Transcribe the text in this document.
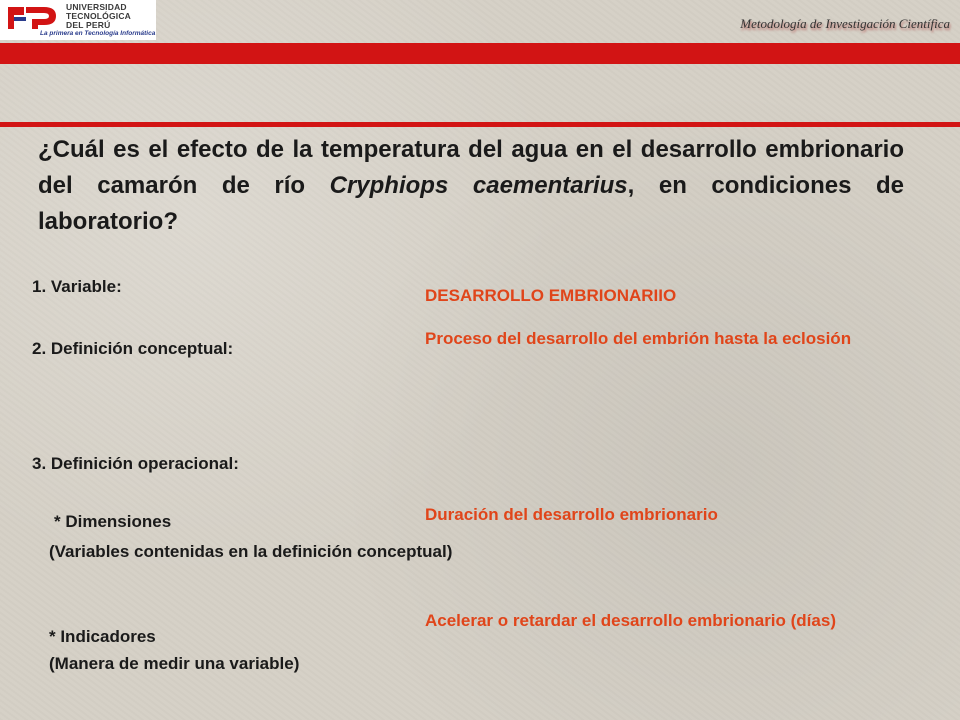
UNIVERSIDAD
TECNOLÓGICA
DEL PERÚ
La primera en Tecnología Informática
Metodología de Investigación Científica
¿Cuál es el efecto de la temperatura del agua en el desarrollo embrionario del camarón de río Cryphiops caementarius, en condiciones de laboratorio?
1. Variable:	DESARROLLO EMBRIONARIIO
2. Definición conceptual:
Proceso del desarrollo del embrión hasta la eclosión
3. Definición operacional:
* Dimensiones
(Variables contenidas en la definición conceptual)
Duración del desarrollo embrionario
* Indicadores
(Manera de medir una variable)
Acelerar o retardar el desarrollo embrionario (días)
